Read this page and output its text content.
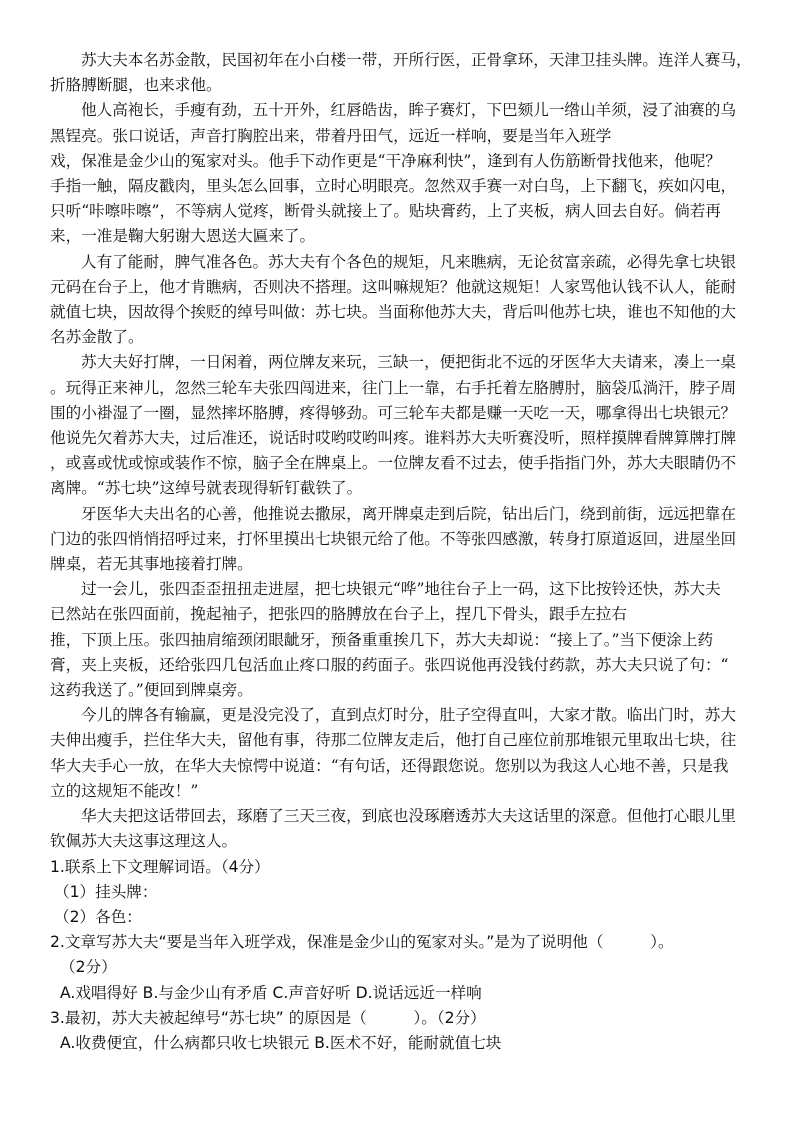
苏大夫本名苏金散，民国初年在小白楼一带，开所行医，正骨拿环，天津卫挂头牌。连洋人赛马，
折胳膊断腿，也来求他。
他人高袍长，手瘦有劲，五十开外，红唇皓齿，眸子赛灯，下巴颏儿一绺山羊须，浸了油赛的乌
黑锃亮。张口说话，声音打胸腔出来，带着丹田气，远近一样响，要是当年入班学
戏，保准是金少山的冤家对头。他手下动作更是“干净麻利快”，逢到有人伤筋断骨找他来，他呢？
手指一触，隔皮戳肉，里头怎么回事，立时心明眼亮。忽然双手赛一对白鸟，上下翻飞，疾如闪电，
只听“咔嚓咔嚓”，不等病人觉疼，断骨头就接上了。贴块膏药，上了夹板，病人回去自好。倘若再
来，一准是鞠大躬谢大恩送大匾来了。
人有了能耐，脾气准各色。苏大夫有个各色的规矩，凡来瞧病，无论贫富亲疏，必得先拿七块银
元码在台子上，他才肯瞧病，否则决不搭理。这叫嘛规矩？他就这规矩！人家骂他认钱不认人，能耐
就值七块，因故得个挨贬的绰号叫做：苏七块。当面称他苏大夫，背后叫他苏七块，谁也不知他的大
名苏金散了。
苏大夫好打牌，一日闲着，两位牌友来玩，三缺一，便把街北不远的牙医华大夫请来，凑上一桌
。玩得正来神儿，忽然三轮车夫张四闯进来，往门上一靠，右手托着左胳膊肘，脑袋瓜淌汗，脖子周
围的小褂湿了一圈，显然摔坏胳膊，疼得够劲。可三轮车夫都是赚一天吃一天，哪拿得出七块银元？
他说先欠着苏大夫，过后准还，说话时哎哟哎哟叫疼。谁料苏大夫听赛没听，照样摸牌看牌算牌打牌
，或喜或忧或惊或装作不惊，脑子全在牌桌上。一位牌友看不过去，使手指指门外，苏大夫眼睛仍不
离牌。“苏七块”这绰号就表现得斩钉截铁了。
牙医华大夫出名的心善，他推说去撒尿，离开牌桌走到后院，钻出后门，绕到前街，远远把靠在
门边的张四悄悄招呼过来，打怀里摸出七块银元给了他。不等张四感激，转身打原道返回，进屋坐回
牌桌，若无其事地接着打牌。
过一会儿，张四歪歪扭扭走进屋，把七块银元“哗”地往台子上一码，这下比按铃还快，苏大夫
已然站在张四面前，挽起袖子，把张四的胳膊放在台子上，捏几下骨头，跟手左拉右
推，下顶上压。张四抽肩缩颈闭眼龇牙，预备重重挨几下，苏大夫却说：“接上了。”当下便涂上药
膏，夹上夹板，还给张四几包活血止疼口服的药面子。张四说他再没钱付药款，苏大夫只说了句：“
这药我送了。”便回到牌桌旁。
今儿的牌各有输赢，更是没完没了，直到点灯时分，肚子空得直叫，大家才散。临出门时，苏大
夫伸出瘦手，拦住华大夫，留他有事，待那二位牌友走后，他打自己座位前那堆银元里取出七块，往
华大夫手心一放，在华大夫惊愕中说道：“有句话，还得跟您说。您别以为我这人心地不善，只是我
立的这规矩不能改！”
华大夫把这话带回去，琢磨了三天三夜，到底也没琢磨透苏大夫这话里的深意。但他打心眼儿里
钦佩苏大夫这事这理这人。
1.联系上下文理解词语。（4分）
（1）挂头牌：
（2）各色：
2.文章写苏大夫“要是当年入班学戏，保准是金少山的冤家对头。”是为了说明他（　　　）。
（2分）
A.戏唱得好 B.与金少山有矛盾 C.声音好听 D.说话远近一样响
3.最初，苏大夫被起绰号“苏七块” 的原因是（　　　）。（2分）
A.收费便宜，什么病都只收七块银元 B.医术不好，能耐就值七块
